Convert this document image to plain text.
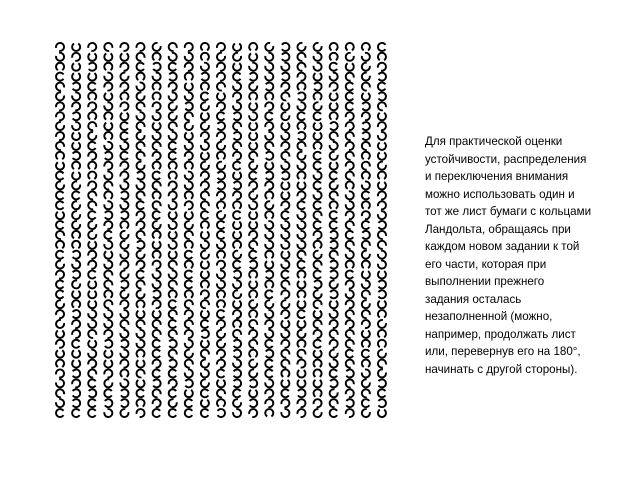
Для практической оценки
устойчивости, распределения
и переключения внимания
можно использовать один и
тот же лист бумаги с кольцами
Ландольта, обращаясь при
каждом новом задании к той
его части, которая при
выполнении прежнего
задания осталась
незаполненной (можно,
например, продолжать лист
или, перевернув его на 180°,
начинать с другой стороны).
